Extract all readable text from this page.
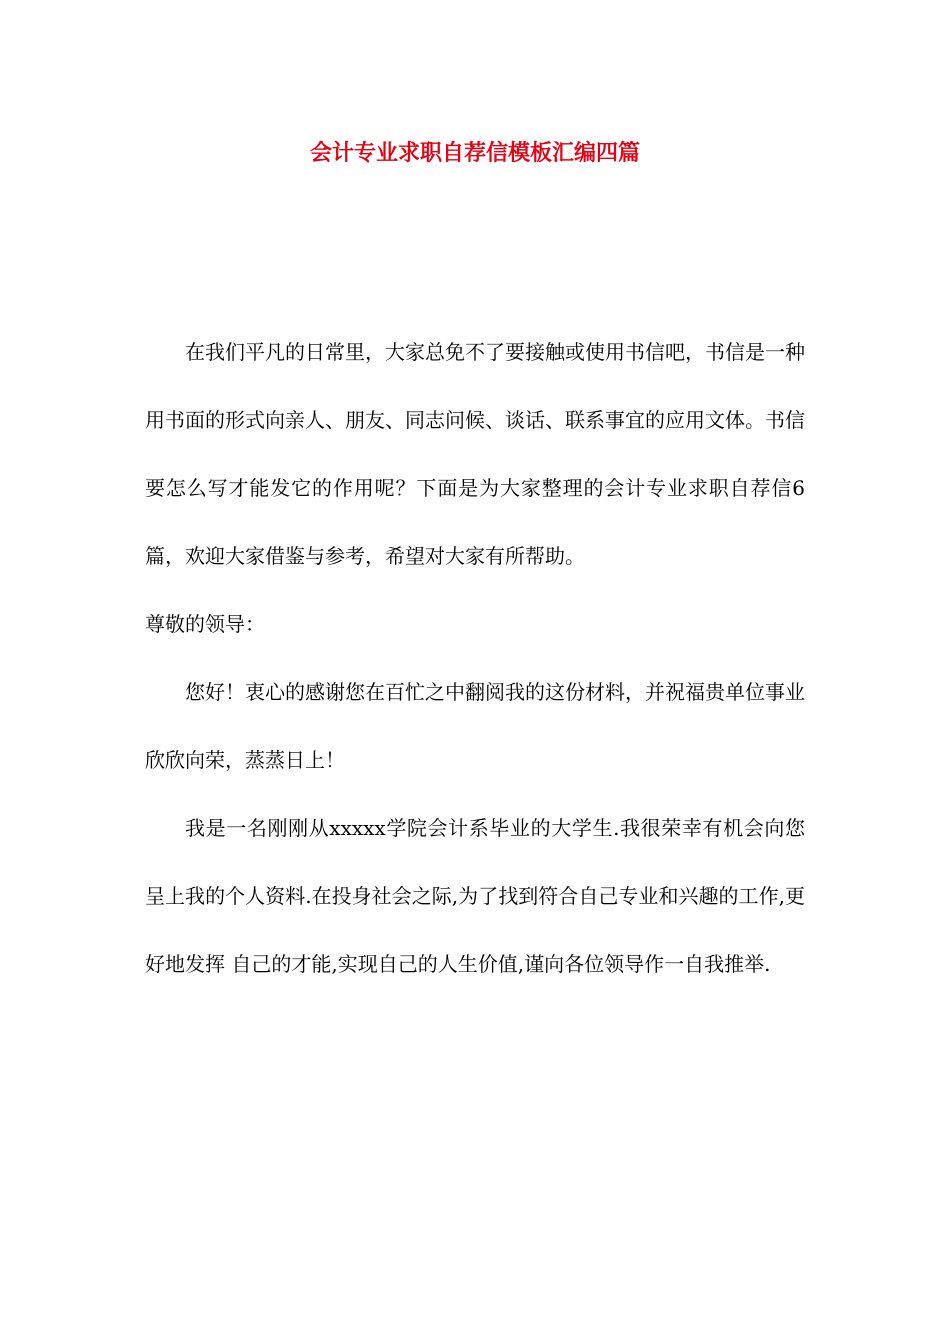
会计专业求职自荐信模板汇编四篇

在我们平凡的日常里，大家总免不了要接触或使用书信吧，书信是一种用书面的形式向亲人、朋友、同志问候、谈话、联系事宜的应用文体。书信要怎么写才能发它的作用呢？下面是为大家整理的会计专业求职自荐信6篇，欢迎大家借鉴与参考，希望对大家有所帮助。

尊敬的领导：

您好！衷心的感谢您在百忙之中翻阅我的这份材料，并祝福贵单位事业欣欣向荣，蒸蒸日上！

我是一名刚刚从xxxxx学院会计系毕业的大学生.我很荣幸有机会向您 呈上我的个人资料.在投身社会之际,为了找到符合自己专业和兴趣的工作,更好地发挥 自己的才能,实现自己的人生价值,谨向各位领导作一自我推举.
